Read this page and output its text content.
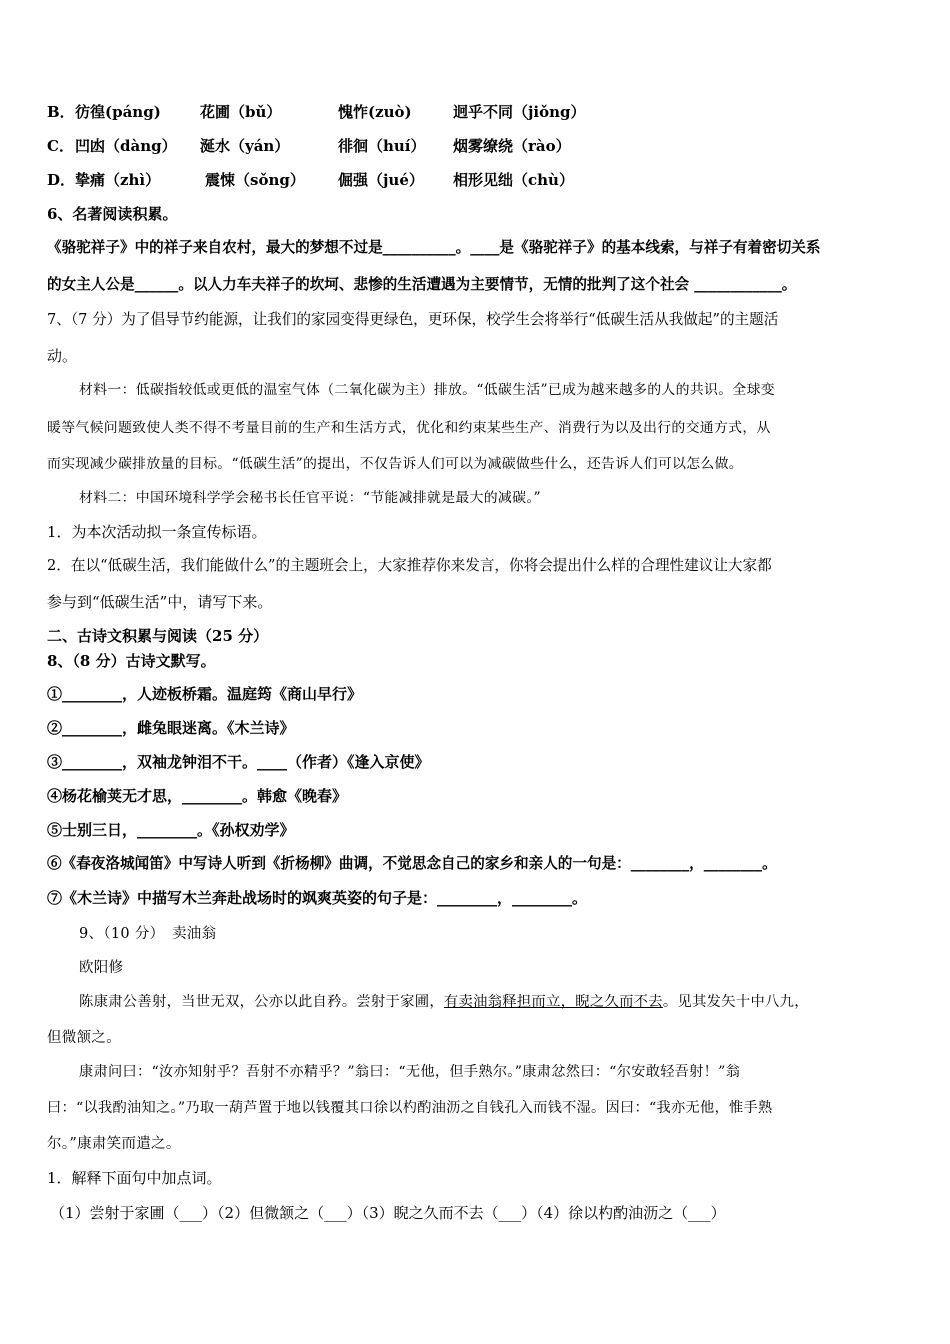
B． 彷徨(páng)	花圃（bǔ）	愧怍(zuò)	迥乎不同（jiǒng）
C． 凹凼（dàng） 涎水（yán）	徘徊（huí） 烟雾缭绕（rào）
D． 挚痛（zhì）	震悚（sǒng） 倔强（jué） 相形见绌（chù）
6、名著阅读积累。
《骆驼祥子》中的祥子来自农村，最大的梦想不过是__________。____是《骆驼祥子》的基本线索，与祥子有着密切关系
的女主人公是______。以人力车夫祥子的坎坷、悲惨的生活遭遇为主要情节，无情的批判了这个社会 ____________。
7、（7 分）为了倡导节约能源，让我们的家园变得更绿色，更环保，校学生会将举行“低碳生活从我做起”的主题活
动。
材料一：低碳指较低或更低的温室气体（二氧化碳为主）排放。“低碳生活”已成为越来越多的人的共识。全球变
暖等气候问题致使人类不得不考量目前的生产和生活方式，优化和约束某些生产、消费行为以及出行的交通方式，从
而实现减少碳排放量的目标。“低碳生活”的提出，不仅告诉人们可以为减碳做些什么，还告诉人们可以怎么做。
材料二：中国环境科学学会秘书长任官平说：“节能减排就是最大的减碳。”
1．为本次活动拟一条宣传标语。
2．在以“低碳生活，我们能做什么”的主题班会上，大家推荐你来发言，你将会提出什么样的合理性建议让大家都
参与到“低碳生活”中，请写下来。
二、古诗文积累与阅读（25 分）
8、（8 分）古诗文默写。
①________，人迹板桥霜。温庭筠《商山早行》
②________，雌兔眼迷离。《木兰诗》
③________，双袖龙钟泪不干。____（作者）《逢入京使》
④杨花榆荚无才思，________。韩愈《晚春》
⑤士别三日，________。《孙权劝学》
⑥《春夜洛城闻笛》中写诗人听到《折杨柳》曲调，不觉思念自己的家乡和亲人的一句是：________，________。
⑦《木兰诗》中描写木兰奔赴战场时的飒爽英姿的句子是：________，________。
9、（10 分）　卖油翁
欧阳修
陈康肃公善射，当世无双，公亦以此自矜。尝射于家圃，有卖油翁释担而立，睨之久而不去。见其发矢十中八九，
但微颔之。
康肃问曰：“汝亦知射乎？吾射不亦精乎？”翁曰：“无他，但手熟尔。”康肃忿然曰：“尔安敢轻吾射！”翁
曰：“以我酌油知之。”乃取一葫芦置于地以钱覆其口徐以杓酌油沥之自钱孔入而钱不湿。因曰：“我亦无他，惟手熟
尔。”康肃笑而遣之。
1．解释下面句中加点词。
（1）尝射于家圃（___）（2）但微颔之（___）（3）睨之久而不去（___）（4）徐以杓酌油沥之（___）
